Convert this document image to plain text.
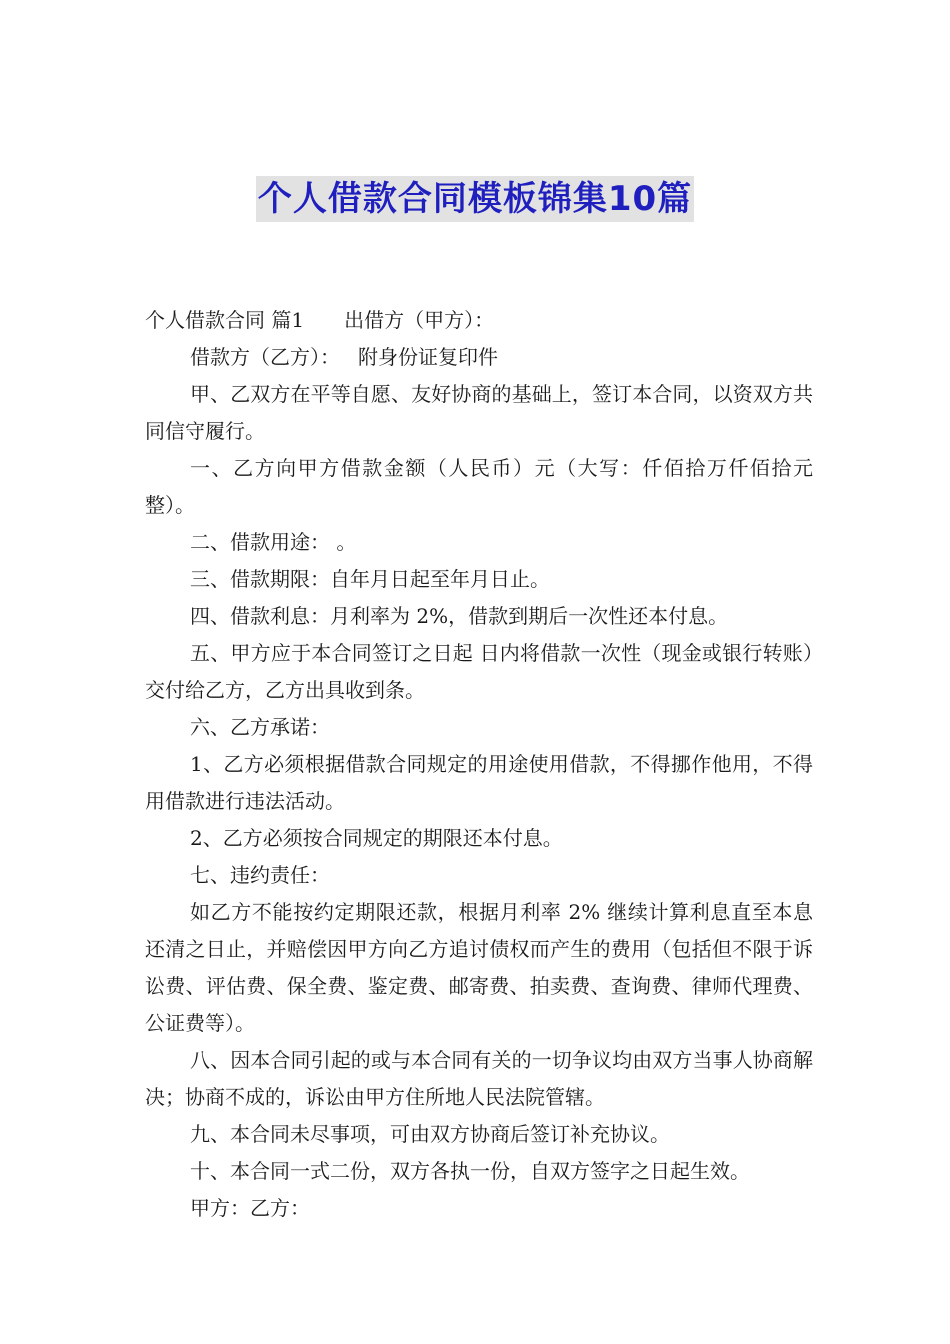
个人借款合同模板锦集10篇

个人借款合同 篇1 出借方（甲方）：

借款方（乙方）： 附身份证复印件

甲、乙双方在平等自愿、友好协商的基础上，签订本合同，以资双方共同信守履行。

一、乙方向甲方借款金额（人民币）元（大写：仟佰拾万仟佰拾元整）。

二、借款用途： 。

三、借款期限：自年月日起至年月日止。

四、借款利息：月利率为 2%，借款到期后一次性还本付息。

五、甲方应于本合同签订之日起 日内将借款一次性（现金或银行转账）交付给乙方，乙方出具收到条。

六、乙方承诺：

1、乙方必须根据借款合同规定的用途使用借款，不得挪作他用，不得用借款进行违法活动。

2、乙方必须按合同规定的期限还本付息。

七、违约责任：

如乙方不能按约定期限还款，根据月利率 2% 继续计算利息直至本息还清之日止，并赔偿因甲方向乙方追讨债权而产生的费用（包括但不限于诉讼费、评估费、保全费、鉴定费、邮寄费、拍卖费、查询费、律师代理费、公证费等）。

八、因本合同引起的或与本合同有关的一切争议均由双方当事人协商解决；协商不成的，诉讼由甲方住所地人民法院管辖。

九、本合同未尽事项，可由双方协商后签订补充协议。

十、本合同一式二份，双方各执一份，自双方签字之日起生效。

甲方：乙方：
